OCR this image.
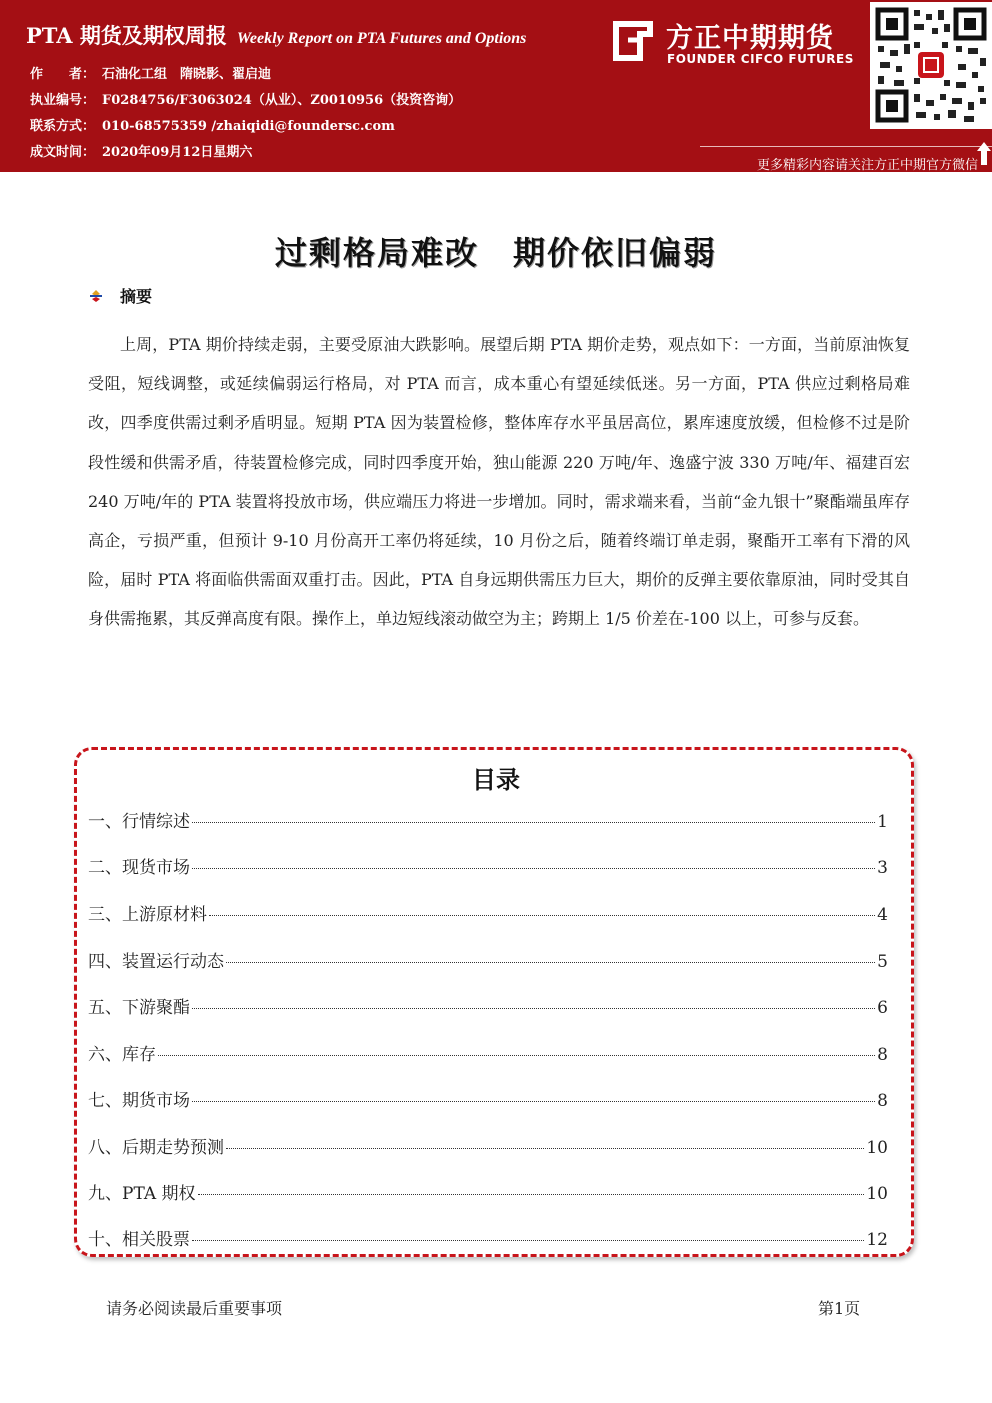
PTA 期货及期权周报 Weekly Report on PTA Futures and Options
作　　者： 石油化工组　隋晓影、翟启迪
执业编号： F0284756/F3063024（从业）、Z0010956（投资咨询）
联系方式： 010-68575359 /zhaiqidi@foundersc.com
成文时间： 2020年09月12日星期六
方正中期期货
FOUNDER CIFCO FUTURES
更多精彩内容请关注方正中期官方微信
过剩格局难改　期价依旧偏弱
摘要

上周，PTA 期价持续走弱，主要受原油大跌影响。展望后期 PTA 期价走势，观点如下：一方面，当前原油恢复受阻，短线调整，或延续偏弱运行格局，对 PTA 而言，成本重心有望延续低迷。另一方面，PTA 供应过剩格局难改，四季度供需过剩矛盾明显。短期 PTA 因为装置检修，整体库存水平虽居高位，累库速度放缓，但检修不过是阶段性缓和供需矛盾，待装置检修完成，同时四季度开始，独山能源 220 万吨/年、逸盛宁波 330 万吨/年、福建百宏 240 万吨/年的 PTA 装置将投放市场，供应端压力将进一步增加。同时，需求端来看，当前“金九银十”聚酯端虽库存高企，亏损严重，但预计 9-10 月份高开工率仍将延续，10 月份之后，随着终端订单走弱，聚酯开工率有下滑的风险，届时 PTA 将面临供需面双重打击。因此，PTA 自身远期供需压力巨大，期价的反弹主要依靠原油，同时受其自身供需拖累，其反弹高度有限。操作上，单边短线滚动做空为主；跨期上 1/5 价差在-100 以上，可参与反套。

目录
一、行情综述	1
二、现货市场	3
三、上游原材料	4
四、装置运行动态	5
五、下游聚酯	6
六、库存	8
七、期货市场	8
八、后期走势预测	10
九、PTA 期权	10
十、相关股票	12
请务必阅读最后重要事项	第1页
